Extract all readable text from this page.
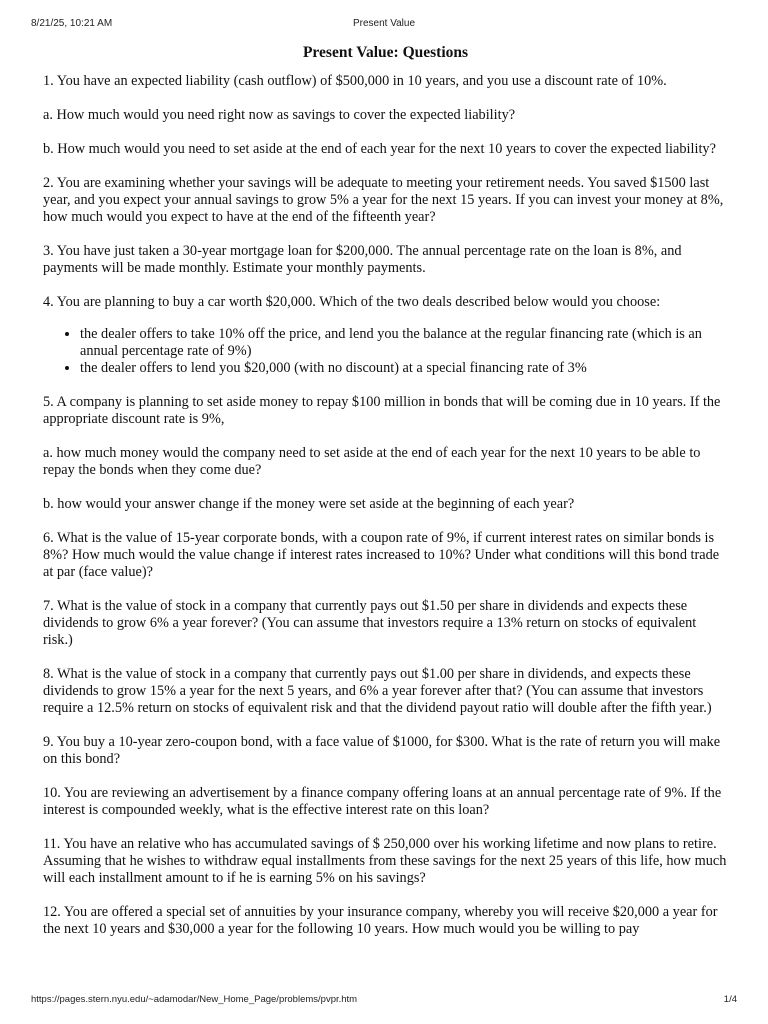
8/21/25, 10:21 AM	Present Value
Present Value: Questions

1. You have an expected liability (cash outflow) of $500,000 in 10 years, and you use a discount rate of 10%.

a. How much would you need right now as savings to cover the expected liability?

b. How much would you need to set aside at the end of each year for the next 10 years to cover the expected liability?

2. You are examining whether your savings will be adequate to meeting your retirement needs. You saved $1500 last year, and you expect your annual savings to grow 5% a year for the next 15 years. If you can invest your money at 8%, how much would you expect to have at the end of the fifteenth year?

3. You have just taken a 30-year mortgage loan for $200,000. The annual percentage rate on the loan is 8%, and payments will be made monthly. Estimate your monthly payments.

4. You are planning to buy a car worth $20,000. Which of the two deals described below would you choose:

• the dealer offers to take 10% off the price, and lend you the balance at the regular financing rate (which is an annual percentage rate of 9%)
• the dealer offers to lend you $20,000 (with no discount) at a special financing rate of 3%

5. A company is planning to set aside money to repay $100 million in bonds that will be coming due in 10 years. If the appropriate discount rate is 9%,

a. how much money would the company need to set aside at the end of each year for the next 10 years to be able to repay the bonds when they come due?

b. how would your answer change if the money were set aside at the beginning of each year?

6. What is the value of 15-year corporate bonds, with a coupon rate of 9%, if current interest rates on similar bonds is 8%? How much would the value change if interest rates increased to 10%? Under what conditions will this bond trade at par (face value)?

7. What is the value of stock in a company that currently pays out $1.50 per share in dividends and expects these dividends to grow 6% a year forever? (You can assume that investors require a 13% return on stocks of equivalent risk.)

8. What is the value of stock in a company that currently pays out $1.00 per share in dividends, and expects these dividends to grow 15% a year for the next 5 years, and 6% a year forever after that? (You can assume that investors require a 12.5% return on stocks of equivalent risk and that the dividend payout ratio will double after the fifth year.)

9. You buy a 10-year zero-coupon bond, with a face value of $1000, for $300. What is the rate of return you will make on this bond?

10. You are reviewing an advertisement by a finance company offering loans at an annual percentage rate of 9%. If the interest is compounded weekly, what is the effective interest rate on this loan?

11. You have an relative who has accumulated savings of $ 250,000 over his working lifetime and now plans to retire. Assuming that he wishes to withdraw equal installments from these savings for the next 25 years of this life, how much will each installment amount to if he is earning 5% on his savings?

12. You are offered a special set of annuities by your insurance company, whereby you will receive $20,000 a year for the next 10 years and $30,000 a year for the following 10 years. How much would you be willing to pay

https://pages.stern.nyu.edu/~adamodar/New_Home_Page/problems/pvpr.htm	1/4
